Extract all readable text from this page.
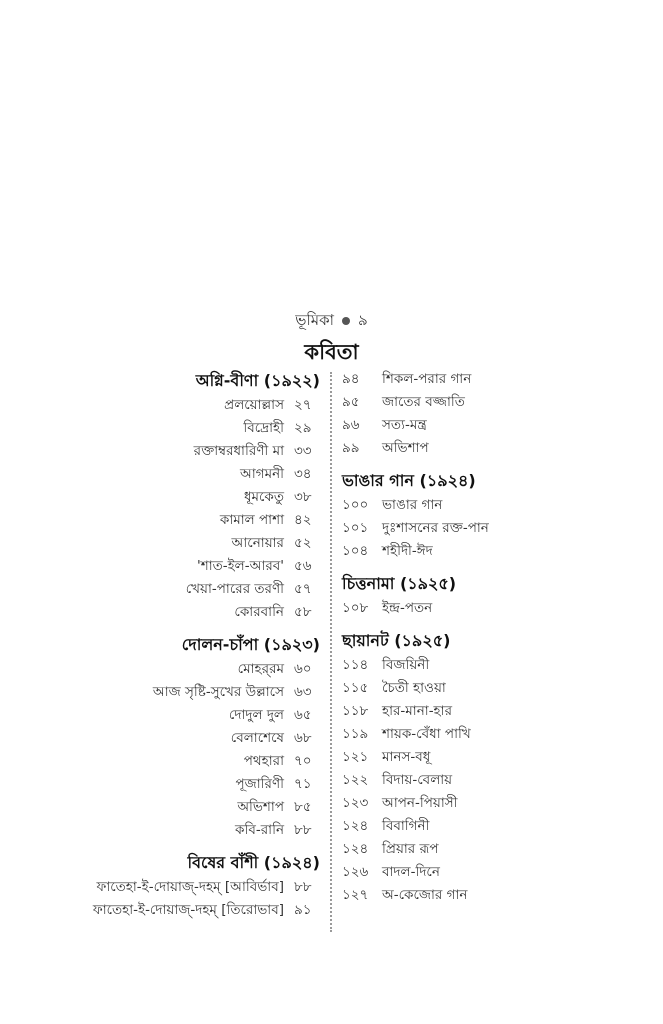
ভূমিকা ৯
কবিতা
অগ্নি-বীণা (১৯২২)
প্রলয়োল্লাস ২৭
বিদ্রোহী ২৯
রক্তাম্বরধারিণী মা ৩৩
আগমনী ৩৪
ধূমকেতু ৩৮
কামাল পাশা ৪২
আনোয়ার ৫২
'শাত-ইল-আরব' ৫৬
খেয়া-পারের তরণী ৫৭
কোরবানি ৫৮
দোলন-চাঁপা (১৯২৩)
মোহর্‌রম ৬০
আজ সৃষ্টি-সুখের উল্লাসে ৬৩
দোদুল দুল ৬৫
বেলাশেষে ৬৮
পথহারা ৭০
পূজারিণী ৭১
অভিশাপ ৮৫
কবি-রানি ৮৮
বিষের বাঁশী (১৯২৪)
ফাতেহা-ই-দোয়াজ্-দহম্ [আবির্ভাব] ৮৮
ফাতেহা-ই-দোয়াজ্-দহম্ [তিরোভাব] ৯১
৯৪ শিকল-পরার গান
৯৫ জাতের বজ্জাতি
৯৬ সত্য-মন্ত্র
৯৯ অভিশাপ
ভাঙার গান (১৯২৪)
১০০ ভাঙার গান
১০১ দুঃশাসনের রক্ত-পান
১০৪ শহীদী-ঈদ
চিত্তনামা (১৯২৫)
১০৮ ইন্দ্র-পতন
ছায়ানট (১৯২৫)
১১৪ বিজয়িনী
১১৫ চৈতী হাওয়া
১১৮ হার-মানা-হার
১১৯ শায়ক-বেঁধা পাখি
১২১ মানস-বধূ
১২২ বিদায়-বেলায়
১২৩ আপন-পিয়াসী
১২৪ বিবাগিনী
১২৪ প্রিয়ার রূপ
১২৬ বাদল-দিনে
১২৭ অ-কেজোর গান
